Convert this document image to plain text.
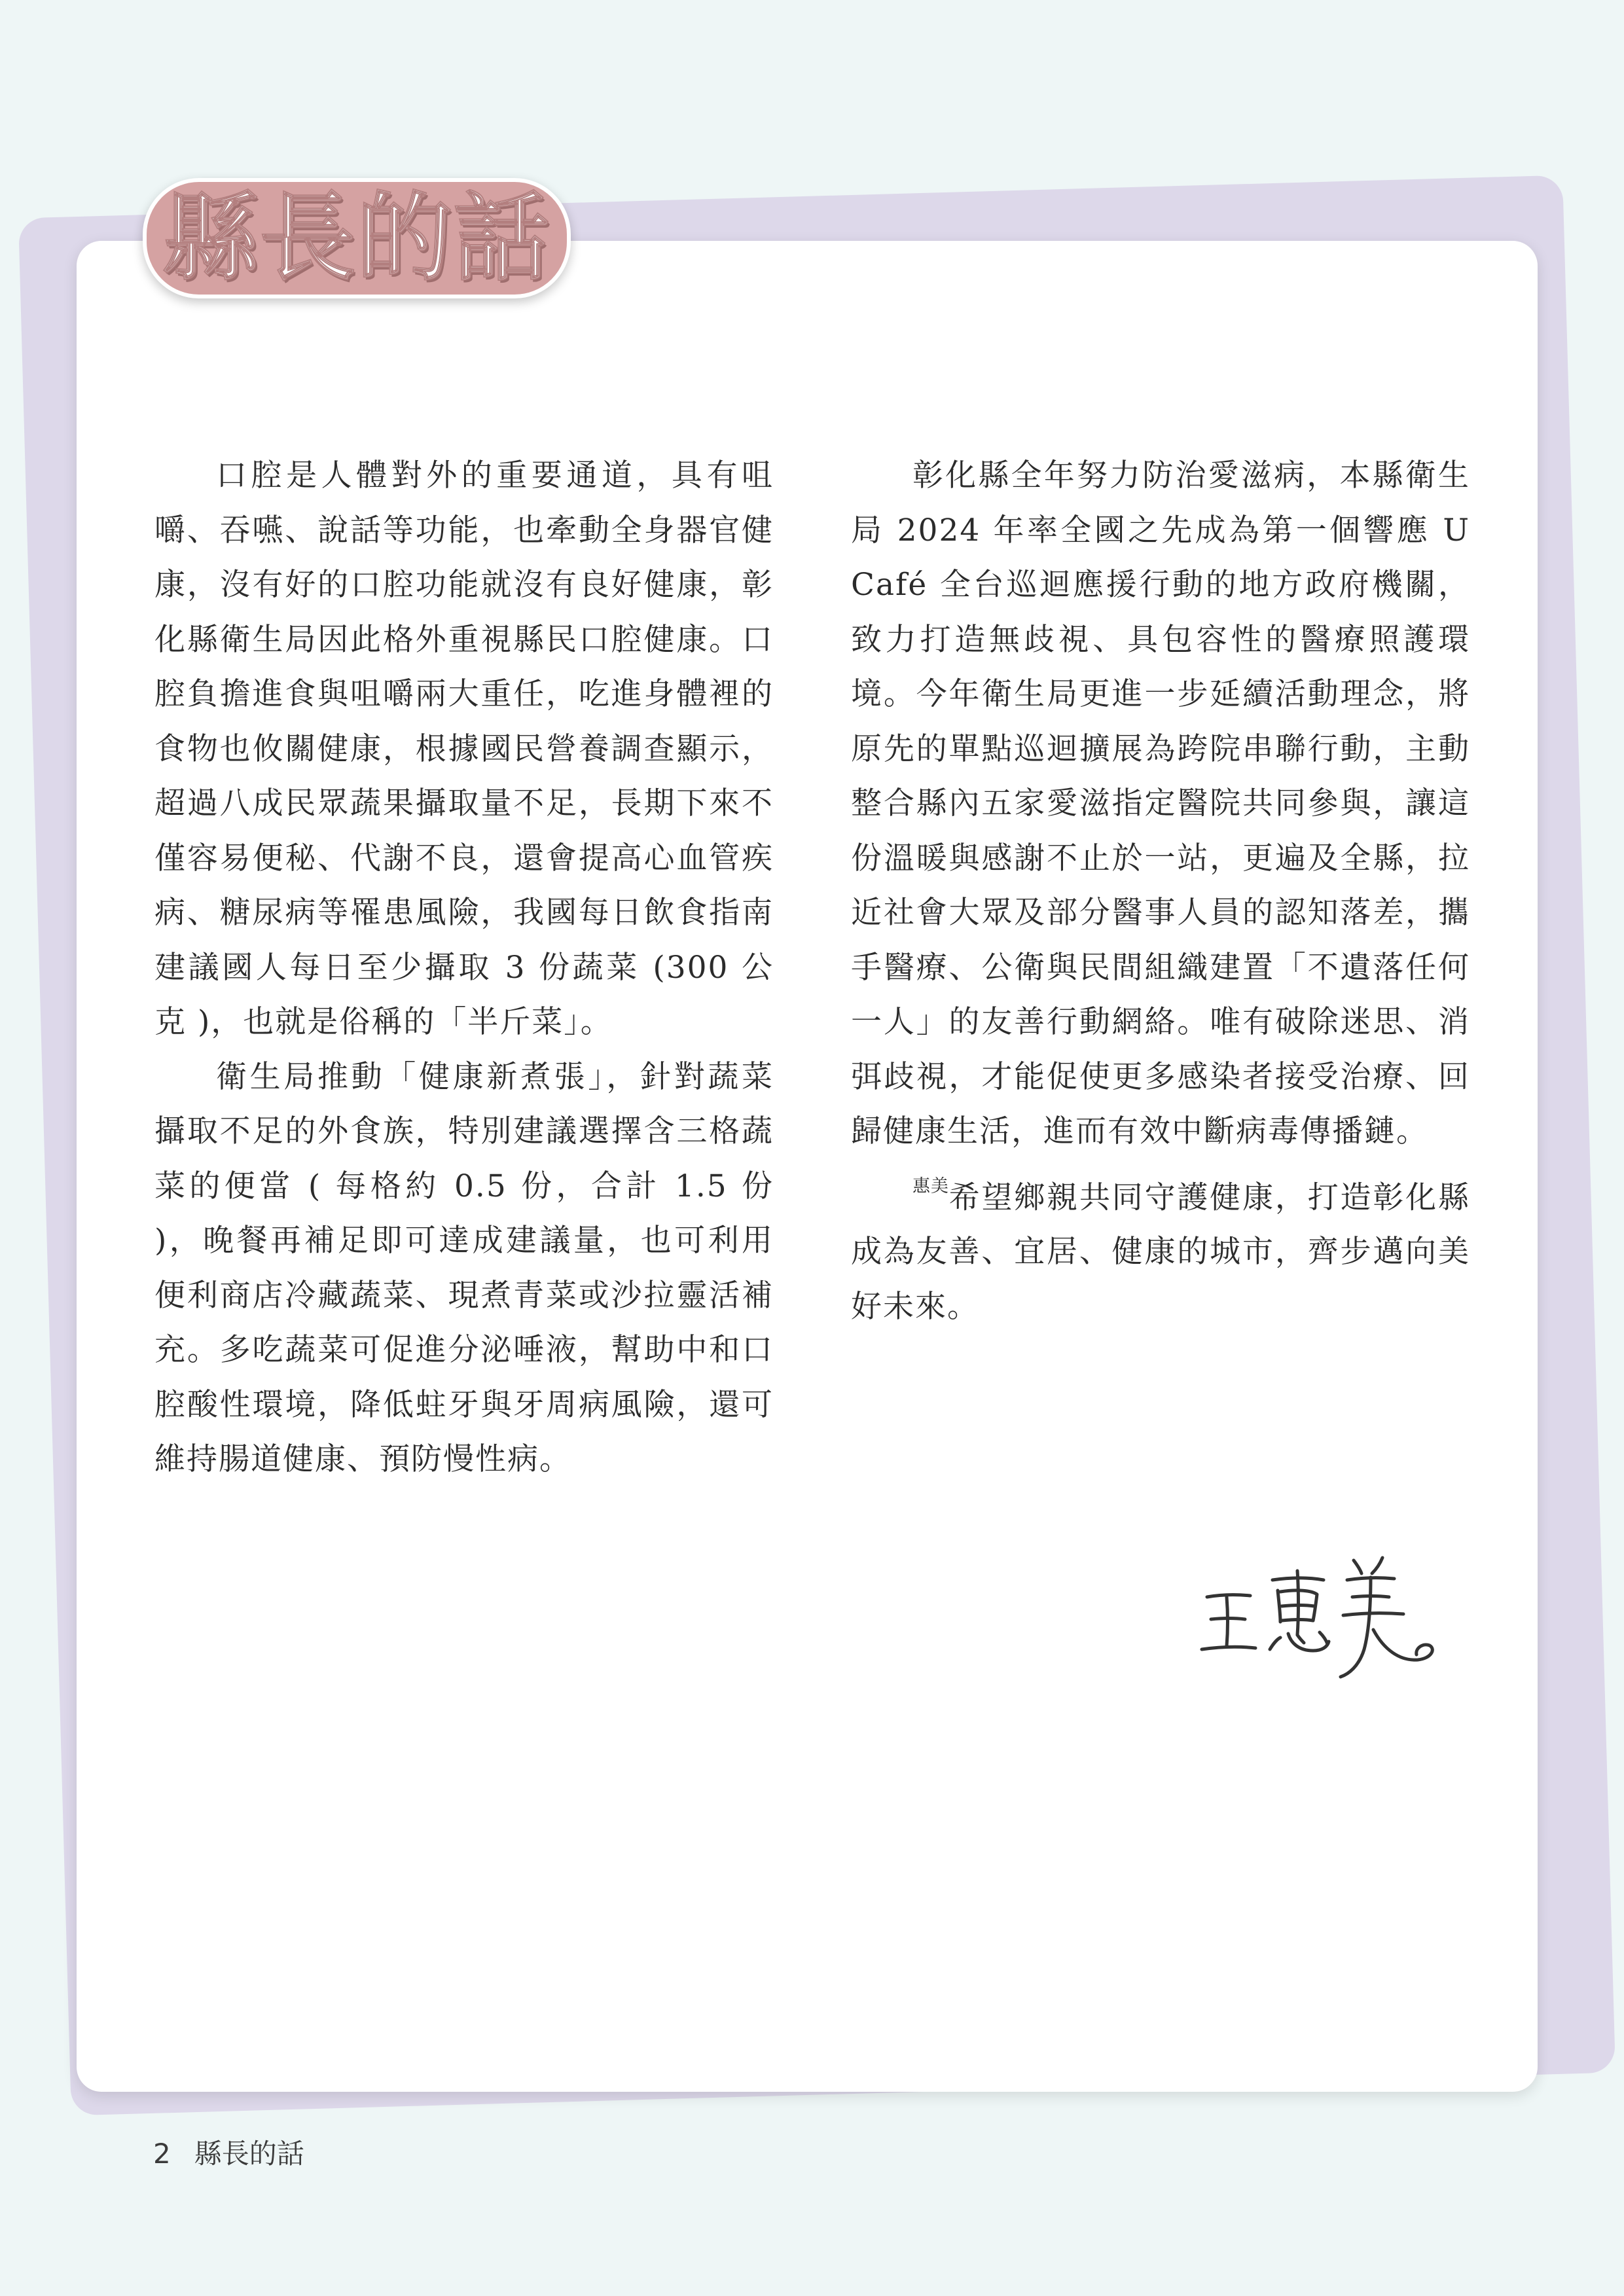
縣長的話

口腔是人體對外的重要通道，具有咀嚼、吞嚥、說話等功能，也牽動全身器官健康，沒有好的口腔功能就沒有良好健康，彰化縣衛生局因此格外重視縣民口腔健康。口腔負擔進食與咀嚼兩大重任，吃進身體裡的食物也攸關健康，根據國民營養調查顯示，超過八成民眾蔬果攝取量不足，長期下來不僅容易便秘、代謝不良，還會提高心血管疾病、糖尿病等罹患風險，我國每日飲食指南建議國人每日至少攝取 3 份蔬菜 (300 公克 )，也就是俗稱的「半斤菜」。

衛生局推動「健康新煮張」，針對蔬菜攝取不足的外食族，特別建議選擇含三格蔬菜的便當 ( 每格約 0.5 份，合計 1.5 份 )，晚餐再補足即可達成建議量，也可利用便利商店冷藏蔬菜、現煮青菜或沙拉靈活補充。多吃蔬菜可促進分泌唾液，幫助中和口腔酸性環境，降低蛀牙與牙周病風險，還可維持腸道健康、預防慢性病。

彰化縣全年努力防治愛滋病，本縣衛生局 2024 年率全國之先成為第一個響應 U Café 全台巡迴應援行動的地方政府機關，致力打造無歧視、具包容性的醫療照護環境。今年衛生局更進一步延續活動理念，將原先的單點巡迴擴展為跨院串聯行動，主動整合縣內五家愛滋指定醫院共同參與，讓這份溫暖與感謝不止於一站，更遍及全縣，拉近社會大眾及部分醫事人員的認知落差，攜手醫療、公衛與民間組織建置「不遺落任何一人」的友善行動網絡。唯有破除迷思、消弭歧視，才能促使更多感染者接受治療、回歸健康生活，進而有效中斷病毒傳播鏈。

$^{惠美}$希望鄉親共同守護健康，打造彰化縣成為友善、宜居、健康的城市，齊步邁向美好未來。

2 縣長的話
